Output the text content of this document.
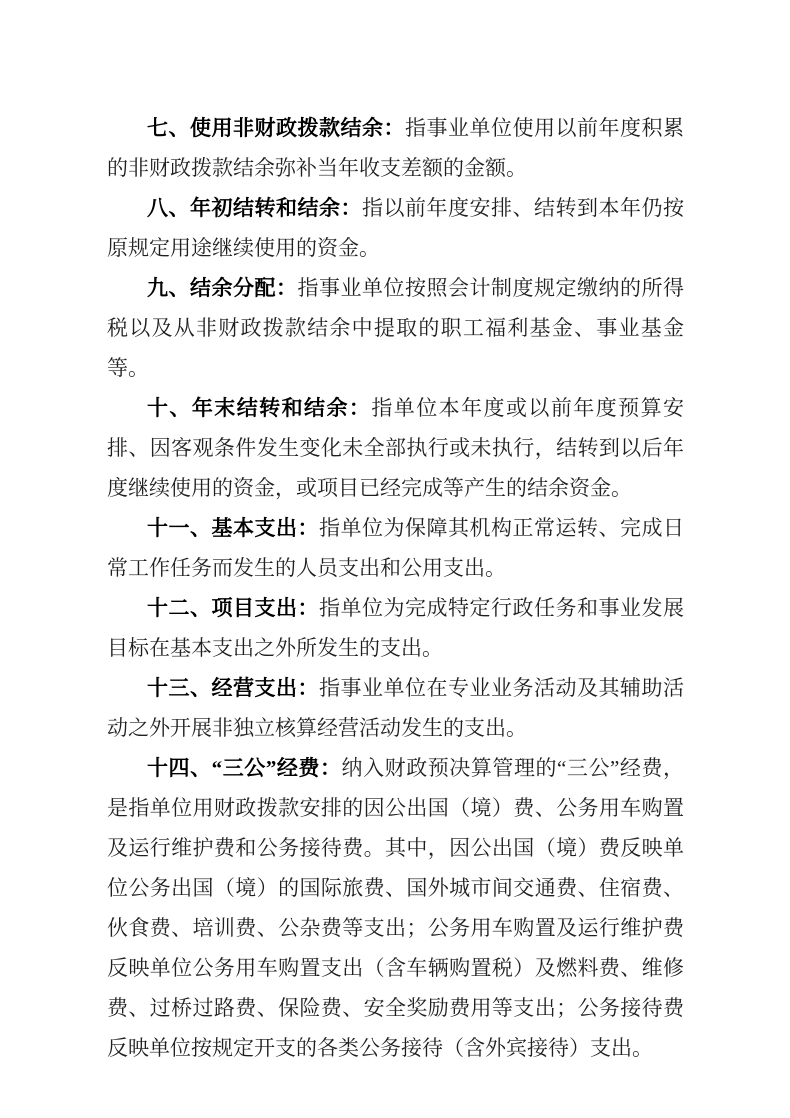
七、使用非财政拨款结余：指事业单位使用以前年度积累的非财政拨款结余弥补当年收支差额的金额。

八、年初结转和结余：指以前年度安排、结转到本年仍按原规定用途继续使用的资金。

九、结余分配：指事业单位按照会计制度规定缴纳的所得税以及从非财政拨款结余中提取的职工福利基金、事业基金等。

十、年末结转和结余：指单位本年度或以前年度预算安排、因客观条件发生变化未全部执行或未执行，结转到以后年度继续使用的资金，或项目已经完成等产生的结余资金。

十一、基本支出：指单位为保障其机构正常运转、完成日常工作任务而发生的人员支出和公用支出。

十二、项目支出：指单位为完成特定行政任务和事业发展目标在基本支出之外所发生的支出。

十三、经营支出：指事业单位在专业业务活动及其辅助活动之外开展非独立核算经营活动发生的支出。

十四、“三公”经费：纳入财政预决算管理的“三公”经费，是指单位用财政拨款安排的因公出国（境）费、公务用车购置及运行维护费和公务接待费。其中，因公出国（境）费反映单位公务出国（境）的国际旅费、国外城市间交通费、住宿费、伙食费、培训费、公杂费等支出；公务用车购置及运行维护费反映单位公务用车购置支出（含车辆购置税）及燃料费、维修费、过桥过路费、保险费、安全奖励费用等支出；公务接待费反映单位按规定开支的各类公务接待（含外宾接待）支出。
